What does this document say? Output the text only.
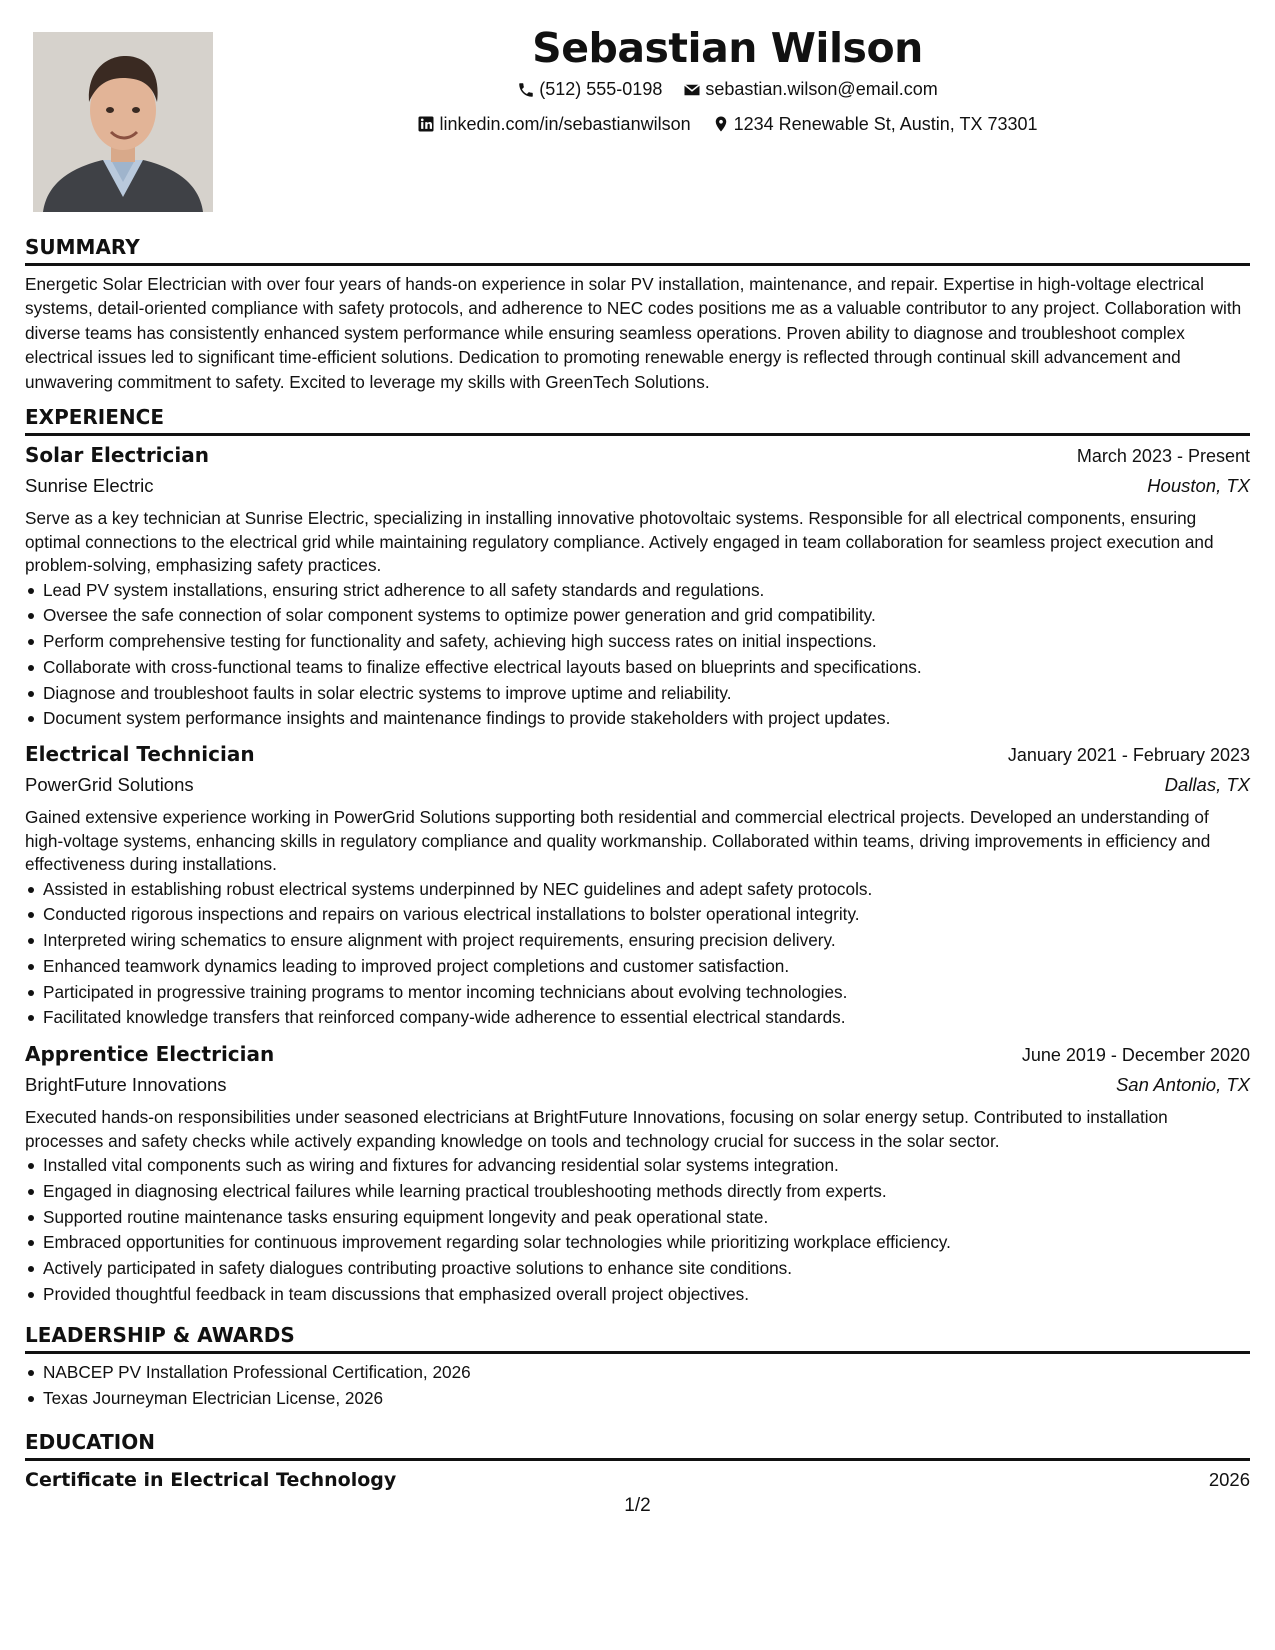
Sebastian Wilson
(512) 555-0198
sebastian.wilson@email.com
linkedin.com/in/sebastianwilson
1234 Renewable St, Austin, TX 73301
SUMMARY

Energetic Solar Electrician with over four years of hands-on experience in solar PV installation, maintenance, and repair. Expertise in high-voltage electrical systems, detail-oriented compliance with safety protocols, and adherence to NEC codes positions me as a valuable contributor to any project. Collaboration with diverse teams has consistently enhanced system performance while ensuring seamless operations. Proven ability to diagnose and troubleshoot complex electrical issues led to significant time-efficient solutions. Dedication to promoting renewable energy is reflected through continual skill advancement and unwavering commitment to safety. Excited to leverage my skills with GreenTech Solutions.

EXPERIENCE
Solar Electrician	March 2023 - Present
Sunrise Electric	Houston, TX

Serve as a key technician at Sunrise Electric, specializing in installing innovative photovoltaic systems. Responsible for all electrical components, ensuring optimal connections to the electrical grid while maintaining regulatory compliance. Actively engaged in team collaboration for seamless project execution and problem-solving, emphasizing safety practices.

Lead PV system installations, ensuring strict adherence to all safety standards and regulations.
Oversee the safe connection of solar component systems to optimize power generation and grid compatibility.
Perform comprehensive testing for functionality and safety, achieving high success rates on initial inspections.
Collaborate with cross-functional teams to finalize effective electrical layouts based on blueprints and specifications.
Diagnose and troubleshoot faults in solar electric systems to improve uptime and reliability.
Document system performance insights and maintenance findings to provide stakeholders with project updates.
Electrical Technician	January 2021 - February 2023
PowerGrid Solutions	Dallas, TX

Gained extensive experience working in PowerGrid Solutions supporting both residential and commercial electrical projects. Developed an understanding of high-voltage systems, enhancing skills in regulatory compliance and quality workmanship. Collaborated within teams, driving improvements in efficiency and effectiveness during installations.

Assisted in establishing robust electrical systems underpinned by NEC guidelines and adept safety protocols.
Conducted rigorous inspections and repairs on various electrical installations to bolster operational integrity.
Interpreted wiring schematics to ensure alignment with project requirements, ensuring precision delivery.
Enhanced teamwork dynamics leading to improved project completions and customer satisfaction.
Participated in progressive training programs to mentor incoming technicians about evolving technologies.
Facilitated knowledge transfers that reinforced company-wide adherence to essential electrical standards.
Apprentice Electrician	June 2019 - December 2020
BrightFuture Innovations	San Antonio, TX

Executed hands-on responsibilities under seasoned electricians at BrightFuture Innovations, focusing on solar energy setup. Contributed to installation processes and safety checks while actively expanding knowledge on tools and technology crucial for success in the solar sector.

Installed vital components such as wiring and fixtures for advancing residential solar systems integration.
Engaged in diagnosing electrical failures while learning practical troubleshooting methods directly from experts.
Supported routine maintenance tasks ensuring equipment longevity and peak operational state.
Embraced opportunities for continuous improvement regarding solar technologies while prioritizing workplace efficiency.
Actively participated in safety dialogues contributing proactive solutions to enhance site conditions.
Provided thoughtful feedback in team discussions that emphasized overall project objectives.
LEADERSHIP & AWARDS
NABCEP PV Installation Professional Certification, 2026
Texas Journeyman Electrician License, 2026
EDUCATION
Certificate in Electrical Technology	2026
1/2
